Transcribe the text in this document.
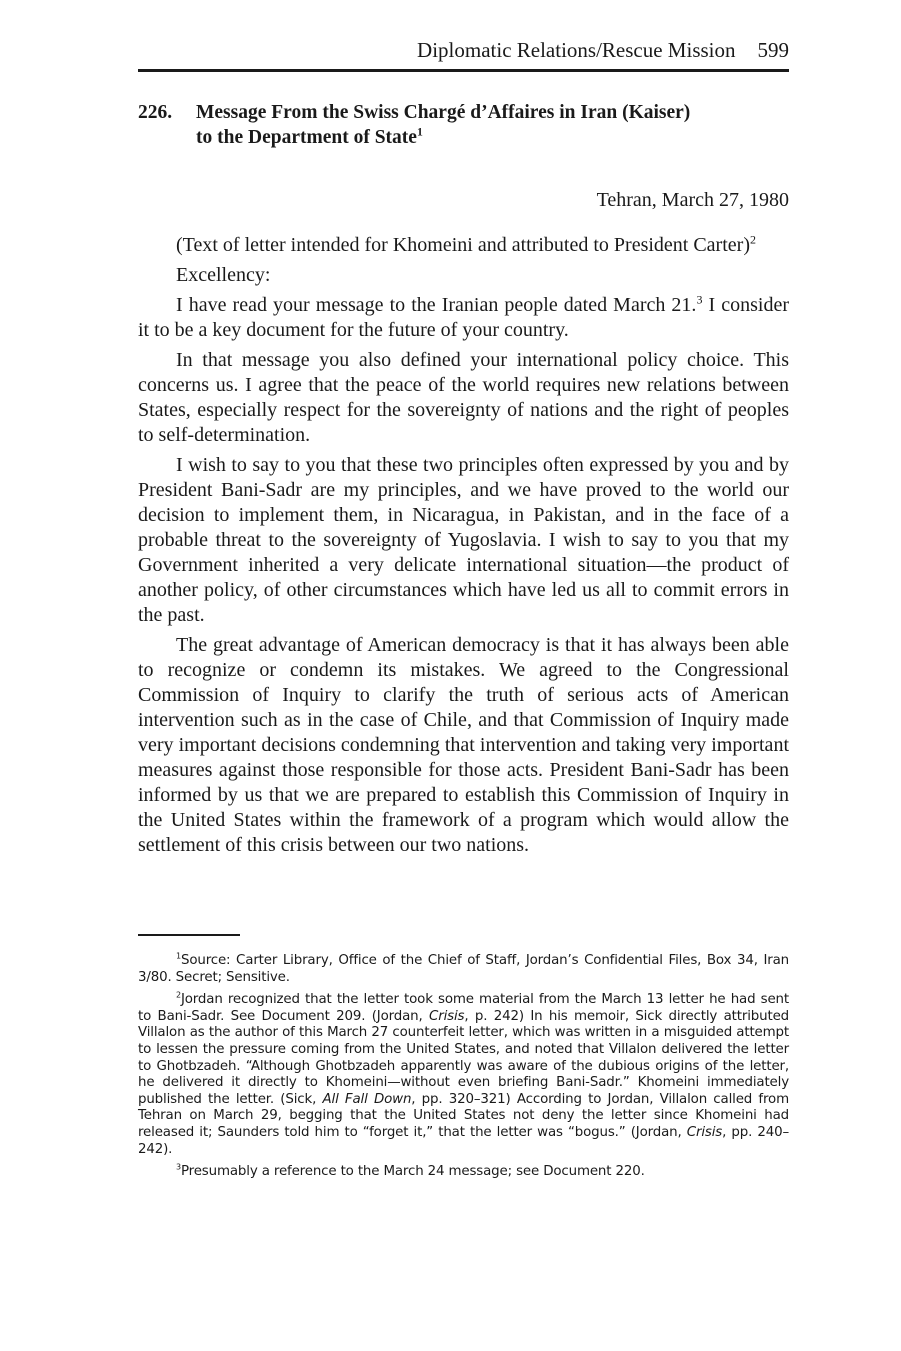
Diplomatic Relations/Rescue Mission 599
226.	Message From the Swiss Chargé d’Affaires in Iran (Kaiser)
to the Department of State$^1$
Tehran, March 27, 1980

(Text of letter intended for Khomeini and attributed to President Carter)$^2$

Excellency:

I have read your message to the Iranian people dated March 21.$^3$ I consider it to be a key document for the future of your country.

In that message you also defined your international policy choice. This concerns us. I agree that the peace of the world requires new relations between States, especially respect for the sovereignty of nations and the right of peoples to self-determination.

I wish to say to you that these two principles often expressed by you and by President Bani-Sadr are my principles, and we have proved to the world our decision to implement them, in Nicaragua, in Pakistan, and in the face of a probable threat to the sovereignty of Yugoslavia. I wish to say to you that my Government inherited a very delicate international situation—the product of another policy, of other circumstances which have led us all to commit errors in the past.

The great advantage of American democracy is that it has always been able to recognize or condemn its mistakes. We agreed to the Congressional Commission of Inquiry to clarify the truth of serious acts of American intervention such as in the case of Chile, and that Commission of Inquiry made very important decisions condemning that intervention and taking very important measures against those responsible for those acts. President Bani-Sadr has been informed by us that we are prepared to establish this Commission of Inquiry in the United States within the framework of a program which would allow the settlement of this crisis between our two nations.

$^1$Source: Carter Library, Office of the Chief of Staff, Jordan’s Confidential Files, Box 34, Iran 3/80. Secret; Sensitive.

$^2$Jordan recognized that the letter took some material from the March 13 letter he had sent to Bani-Sadr. See Document 209. (Jordan, Crisis, p. 242) In his memoir, Sick directly attributed Villalon as the author of this March 27 counterfeit letter, which was written in a misguided attempt to lessen the pressure coming from the United States, and noted that Villalon delivered the letter to Ghotbzadeh. “Although Ghotbzadeh apparently was aware of the dubious origins of the letter, he delivered it directly to Khomeini—without even briefing Bani-Sadr.” Khomeini immediately published the letter. (Sick, All Fall Down, pp. 320–321) According to Jordan, Villalon called from Tehran on March 29, begging that the United States not deny the letter since Khomeini had released it; Saunders told him to “forget it,” that the letter was “bogus.” (Jordan, Crisis, pp. 240–242).

$^3$Presumably a reference to the March 24 message; see Document 220.
